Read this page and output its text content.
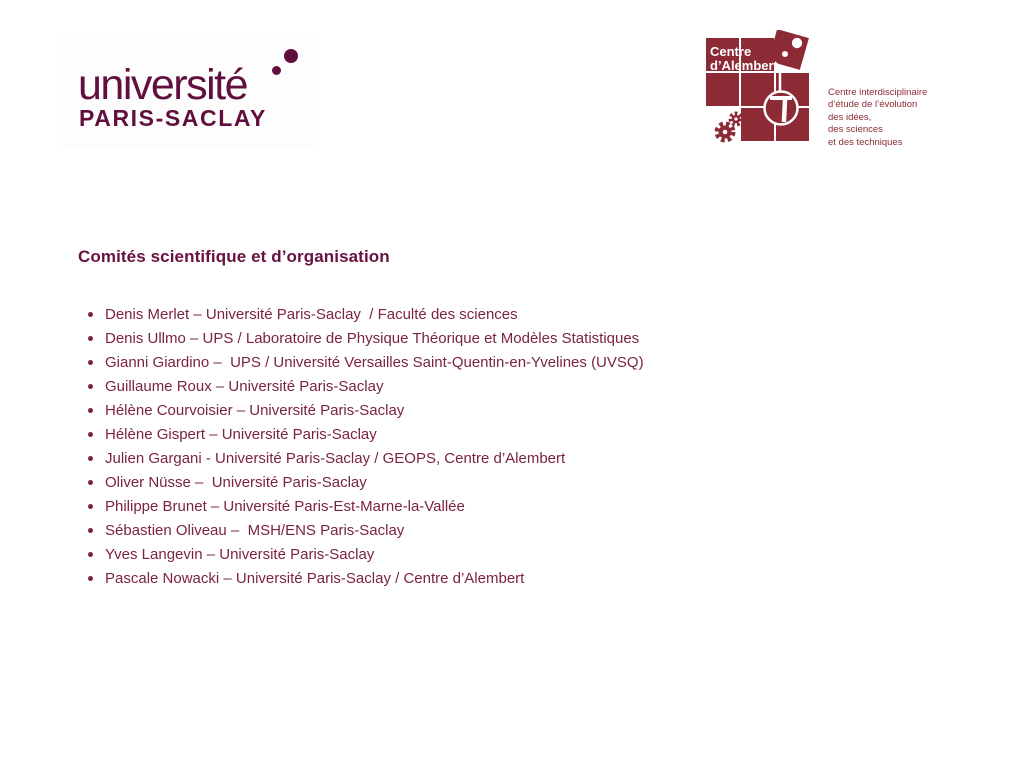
université
PARIS-SACLAY
Centre
d’Alembert
Centre interdisciplinaire
d’étude de l’évolution
des idées,
des sciences
et des techniques
Comités scientifique et d’organisation
Denis Merlet – Université Paris-Saclay  / Faculté des sciences
Denis Ullmo – UPS / Laboratoire de Physique Théorique et Modèles Statistiques
Gianni Giardino –  UPS / Université Versailles Saint-Quentin-en-Yvelines (UVSQ)
Guillaume Roux – Université Paris-Saclay
Hélène Courvoisier – Université Paris-Saclay
Hélène Gispert – Université Paris-Saclay
Julien Gargani - Université Paris-Saclay / GEOPS, Centre d’Alembert
Oliver Nüsse –  Université Paris-Saclay
Philippe Brunet – Université Paris-Est-Marne-la-Vallée
Sébastien Oliveau –  MSH/ENS Paris-Saclay
Yves Langevin – Université Paris-Saclay
Pascale Nowacki – Université Paris-Saclay / Centre d’Alembert
